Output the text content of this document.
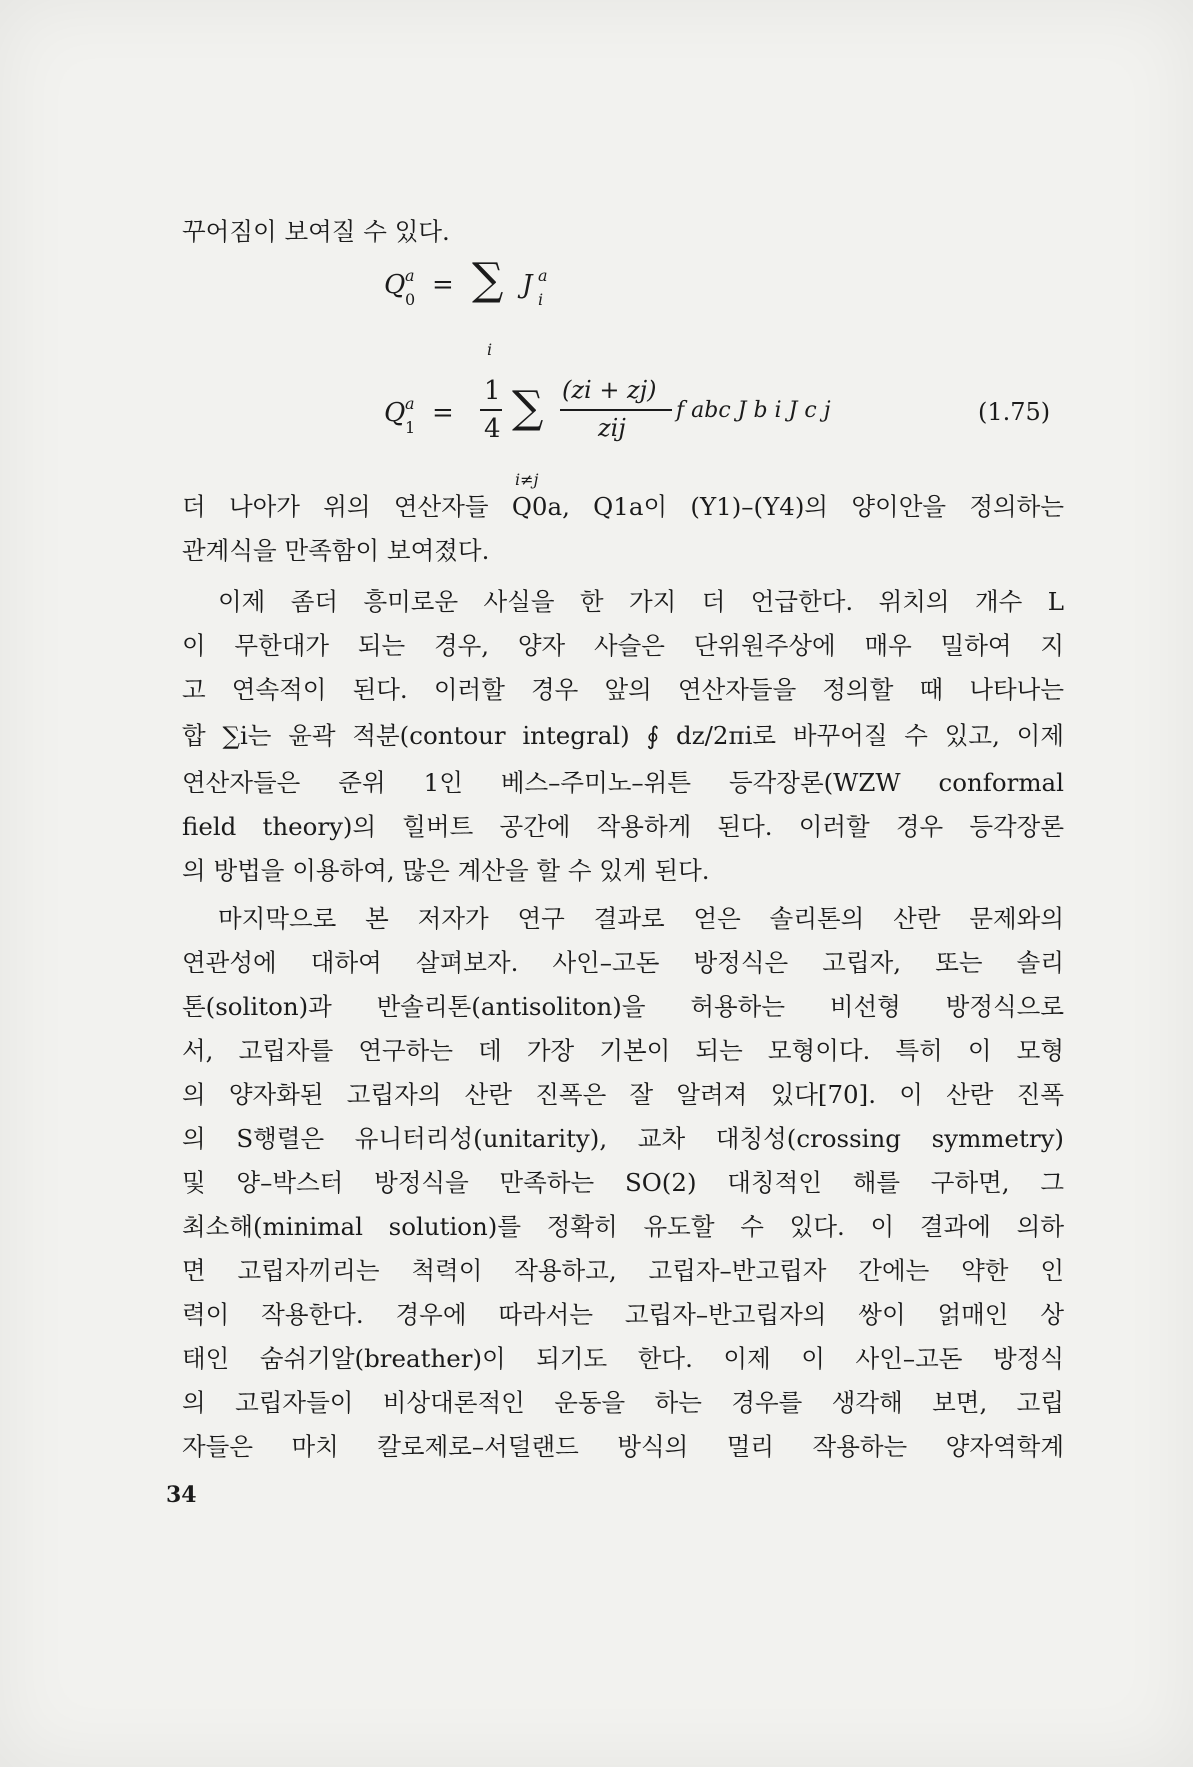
꾸어짐이 보여질 수 있다.
Q a
0 = ∑
i
J a
i
Q a
1 =
1
4 ∑
i≠j
(zi + zj)
zij
f abc J b i J c j	(1.75)
더 나아가 위의 연산자들 Q0a, Q1a이 (Y1)–(Y4)의 양이안을 정의하는
관계식을 만족함이 보여졌다.
이제 좀더 흥미로운 사실을 한 가지 더 언급한다. 위치의 개수 L
이 무한대가 되는 경우, 양자 사슬은 단위원주상에 매우 밀하여 지
고 연속적이 된다. 이러할 경우 앞의 연산자들을 정의할 때 나타나는
합 ∑i는 윤곽 적분(contour integral) ∮ dz/2πi로 바꾸어질 수 있고, 이제
연산자들은 준위 1인 베스–주미노–위튼 등각장론(WZW conformal
field theory)의 힐버트 공간에 작용하게 된다. 이러할 경우 등각장론
의 방법을 이용하여, 많은 계산을 할 수 있게 된다.
마지막으로 본 저자가 연구 결과로 얻은 솔리톤의 산란 문제와의
연관성에 대하여 살펴보자. 사인–고돈 방정식은 고립자, 또는 솔리
톤(soliton)과 반솔리톤(antisoliton)을 허용하는 비선형 방정식으로
서, 고립자를 연구하는 데 가장 기본이 되는 모형이다. 특히 이 모형
의 양자화된 고립자의 산란 진폭은 잘 알려져 있다[70]. 이 산란 진폭
의 S행렬은 유니터리성(unitarity), 교차 대칭성(crossing symmetry)
및 양–박스터 방정식을 만족하는 SO(2) 대칭적인 해를 구하면, 그
최소해(minimal solution)를 정확히 유도할 수 있다. 이 결과에 의하
면 고립자끼리는 척력이 작용하고, 고립자–반고립자 간에는 약한 인
력이 작용한다. 경우에 따라서는 고립자–반고립자의 쌍이 얽매인 상
태인 숨쉬기알(breather)이 되기도 한다. 이제 이 사인–고돈 방정식
의 고립자들이 비상대론적인 운동을 하는 경우를 생각해 보면, 고립
자들은 마치 칼로제로–서덜랜드 방식의 멀리 작용하는 양자역학계
34
